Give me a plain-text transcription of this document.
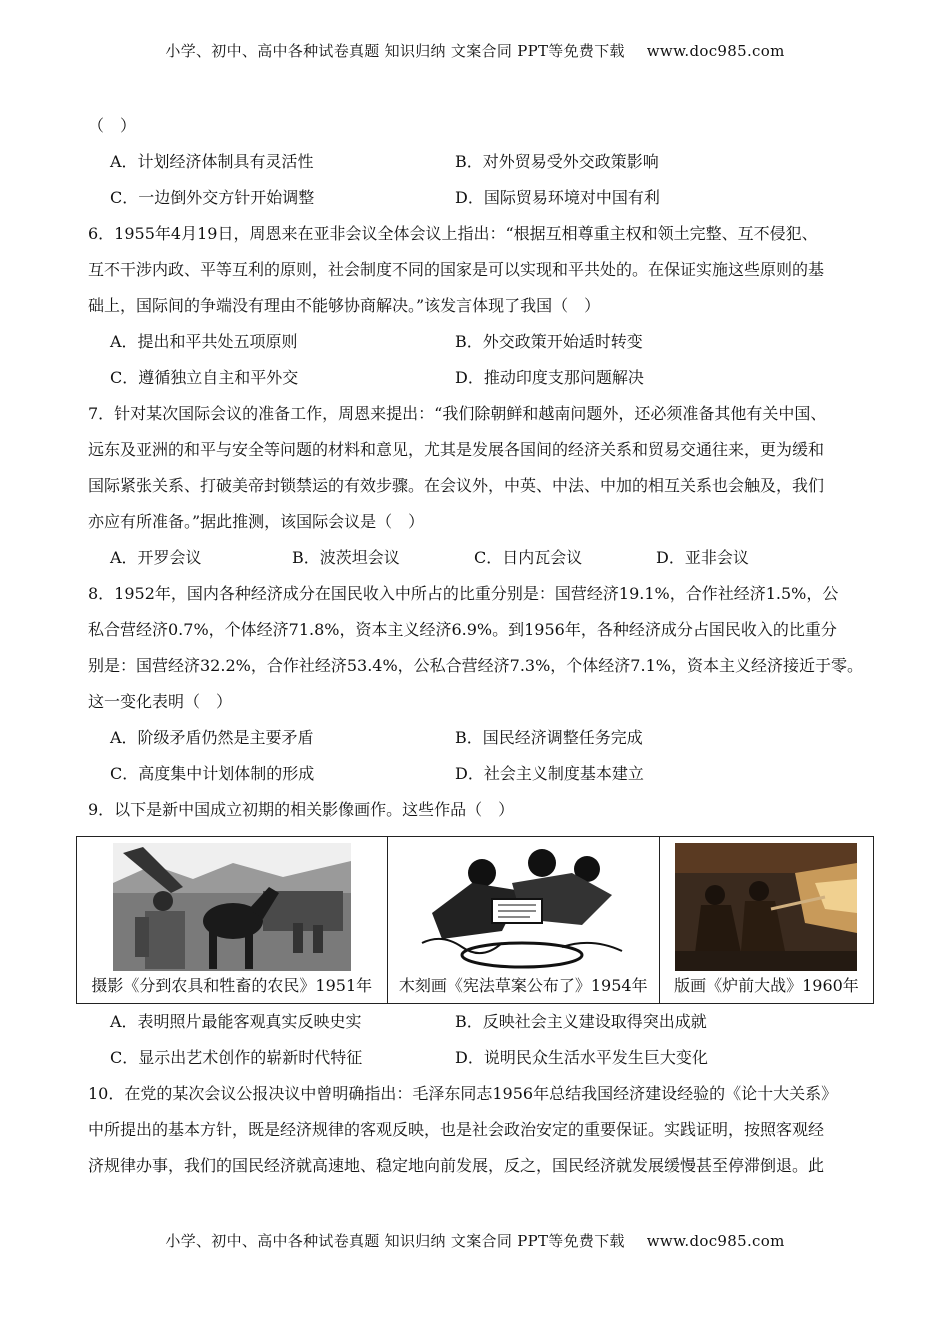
小学、初中、高中各种试卷真题 知识归纳 文案合同 PPT等免费下载 www.doc985.com
（　）
A．计划经济体制具有灵活性	B．对外贸易受外交政策影响
C．一边倒外交方针开始调整	D．国际贸易环境对中国有利
6．1955年4月19日，周恩来在亚非会议全体会议上指出：“根据互相尊重主权和领土完整、互不侵犯、
互不干涉内政、平等互利的原则，社会制度不同的国家是可以实现和平共处的。在保证实施这些原则的基
础上，国际间的争端没有理由不能够协商解决。”该发言体现了我国（　）
A．提出和平共处五项原则	B．外交政策开始适时转变
C．遵循独立自主和平外交	D．推动印度支那问题解决
7．针对某次国际会议的准备工作，周恩来提出：“我们除朝鲜和越南问题外，还必须准备其他有关中国、
远东及亚洲的和平与安全等问题的材料和意见，尤其是发展各国间的经济关系和贸易交通往来，更为缓和
国际紧张关系、打破美帝封锁禁运的有效步骤。在会议外，中英、中法、中加的相互关系也会触及，我们
亦应有所准备。”据此推测，该国际会议是（　）
A．开罗会议	B．波茨坦会议	C．日内瓦会议	D．亚非会议
8．1952年，国内各种经济成分在国民收入中所占的比重分别是：国营经济19.1%，合作社经济1.5%，公
私合营经济0.7%，个体经济71.8%，资本主义经济6.9%。到1956年，各种经济成分占国民收入的比重分
别是：国营经济32.2%，合作社经济53.4%，公私合营经济7.3%，个体经济7.1%，资本主义经济接近于零。
这一变化表明（　）
A．阶级矛盾仍然是主要矛盾	B．国民经济调整任务完成
C．高度集中计划体制的形成	D．社会主义制度基本建立
9．以下是新中国成立初期的相关影像画作。这些作品（　）
摄影《分到农具和牲畜的农民》1951年	木刻画《宪法草案公布了》1954年	版画《炉前大战》1960年
A．表明照片最能客观真实反映史实	B．反映社会主义建设取得突出成就
C．显示出艺术创作的崭新时代特征	D．说明民众生活水平发生巨大变化
10．在党的某次会议公报决议中曾明确指出：毛泽东同志1956年总结我国经济建设经验的《论十大关系》
中所提出的基本方针，既是经济规律的客观反映，也是社会政治安定的重要保证。实践证明，按照客观经
济规律办事，我们的国民经济就高速地、稳定地向前发展，反之，国民经济就发展缓慢甚至停滞倒退。此
小学、初中、高中各种试卷真题 知识归纳 文案合同 PPT等免费下载 www.doc985.com
